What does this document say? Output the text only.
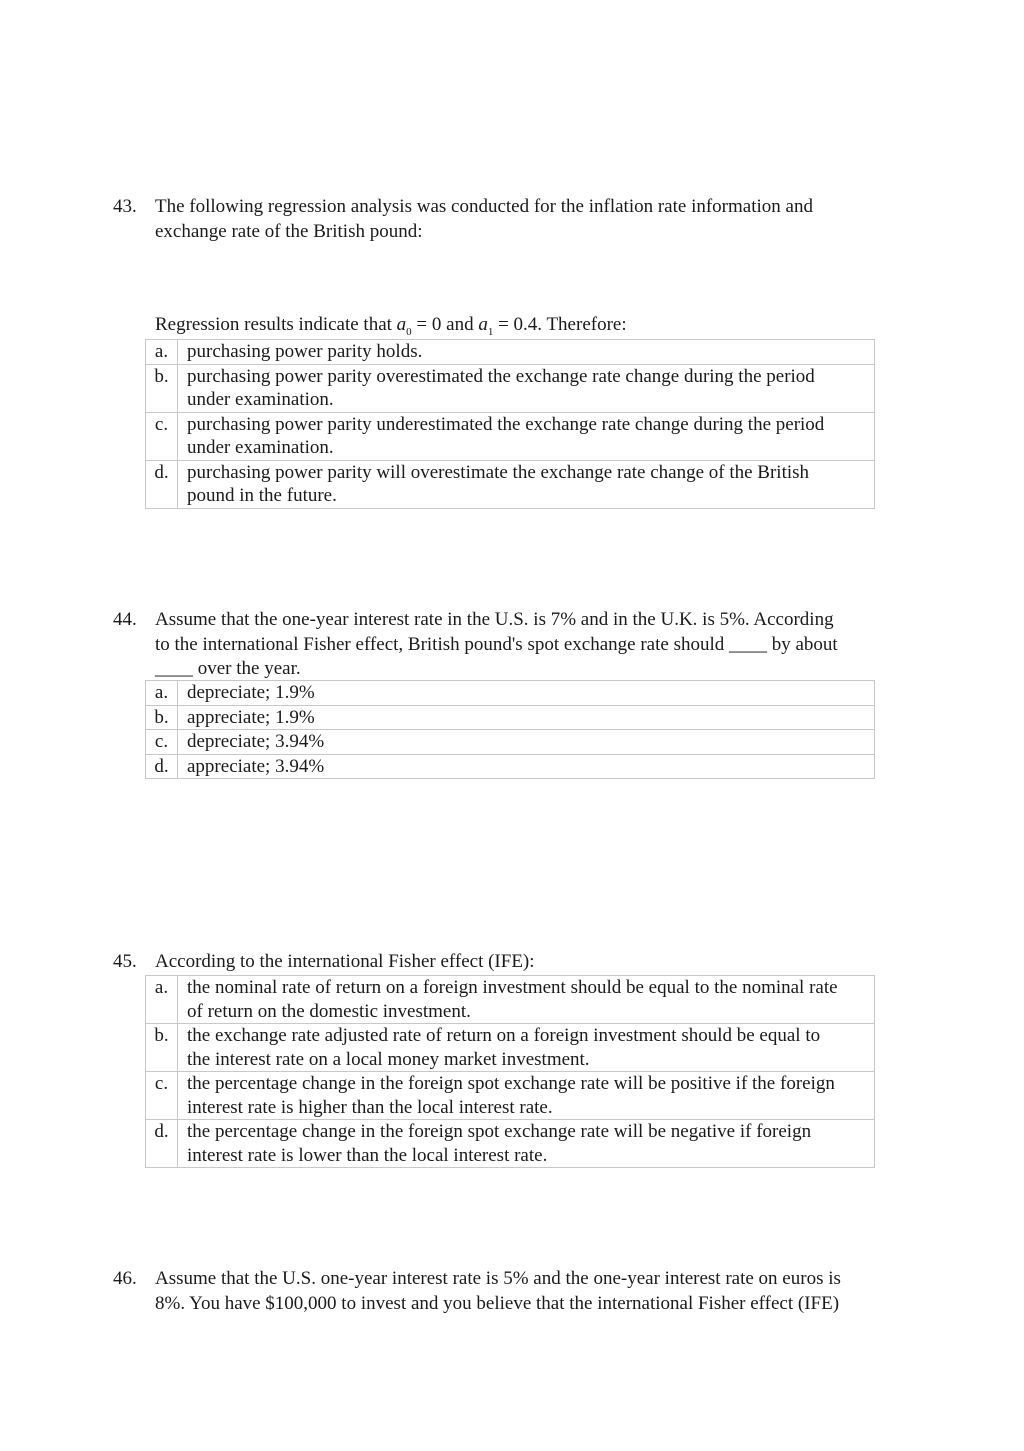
43. The following regression analysis was conducted for the inflation rate information and
exchange rate of the British pound:
Regression results indicate that $a_0 = 0$ and $a_1 = 0.4$. Therefore:
a.	purchasing power parity holds.

b.	purchasing power parity overestimated the exchange rate change during the period
under examination.

c.	purchasing power parity underestimated the exchange rate change during the period
under examination.

d.	purchasing power parity will overestimate the exchange rate change of the British
pound in the future.
44. Assume that the one-year interest rate in the U.S. is 7% and in the U.K. is 5%. According
to the international Fisher effect, British pound's spot exchange rate should ____ by about
____ over the year.
a.	depreciate; 1.9%

b.	appreciate; 1.9%

c.	depreciate; 3.94%

d.	appreciate; 3.94%
45. According to the international Fisher effect (IFE):
a.	the nominal rate of return on a foreign investment should be equal to the nominal rate
of return on the domestic investment.

b.	the exchange rate adjusted rate of return on a foreign investment should be equal to
the interest rate on a local money market investment.

c.	the percentage change in the foreign spot exchange rate will be positive if the foreign
interest rate is higher than the local interest rate.

d.	the percentage change in the foreign spot exchange rate will be negative if foreign
interest rate is lower than the local interest rate.
46. Assume that the U.S. one-year interest rate is 5% and the one-year interest rate on euros is
8%. You have $100,000 to invest and you believe that the international Fisher effect (IFE)
